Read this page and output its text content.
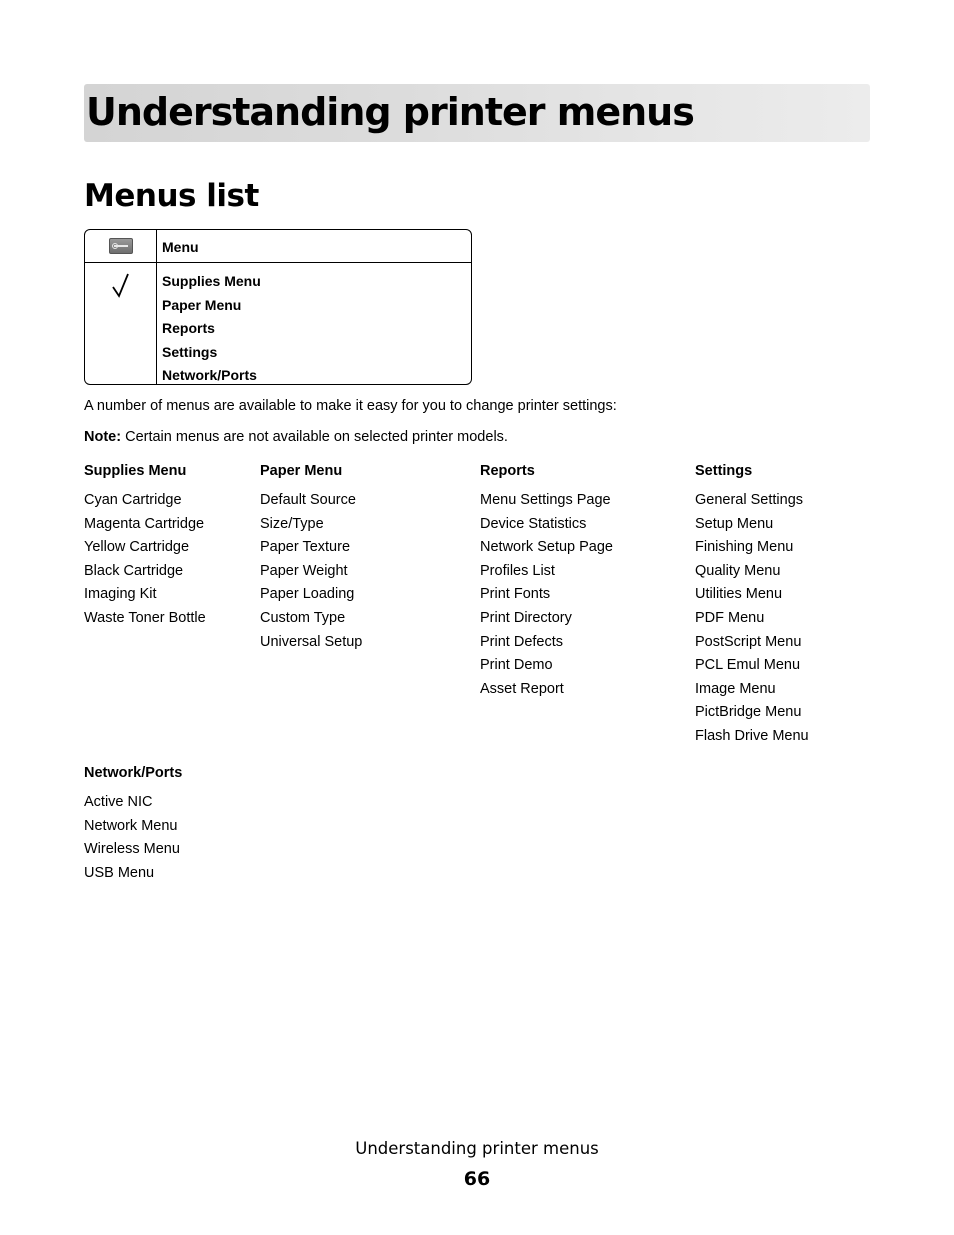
Understanding printer menus
Menus list
Menu
Supplies Menu
Paper Menu
Reports
Settings
Network/Ports

A number of menus are available to make it easy for you to change printer settings:

Note: Certain menus are not available on selected printer models.

Supplies Menu
Cyan Cartridge
Magenta Cartridge
Yellow Cartridge
Black Cartridge
Imaging Kit
Waste Toner Bottle
Paper Menu
Default Source
Size/Type
Paper Texture
Paper Weight
Paper Loading
Custom Type
Universal Setup
Reports
Menu Settings Page
Device Statistics
Network Setup Page
Profiles List
Print Fonts
Print Directory
Print Defects
Print Demo
Asset Report
Settings
General Settings
Setup Menu
Finishing Menu
Quality Menu
Utilities Menu
PDF Menu
PostScript Menu
PCL Emul Menu
Image Menu
PictBridge Menu
Flash Drive Menu
Network/Ports
Active NIC
Network Menu
Wireless Menu
USB Menu
Understanding printer menus
66
